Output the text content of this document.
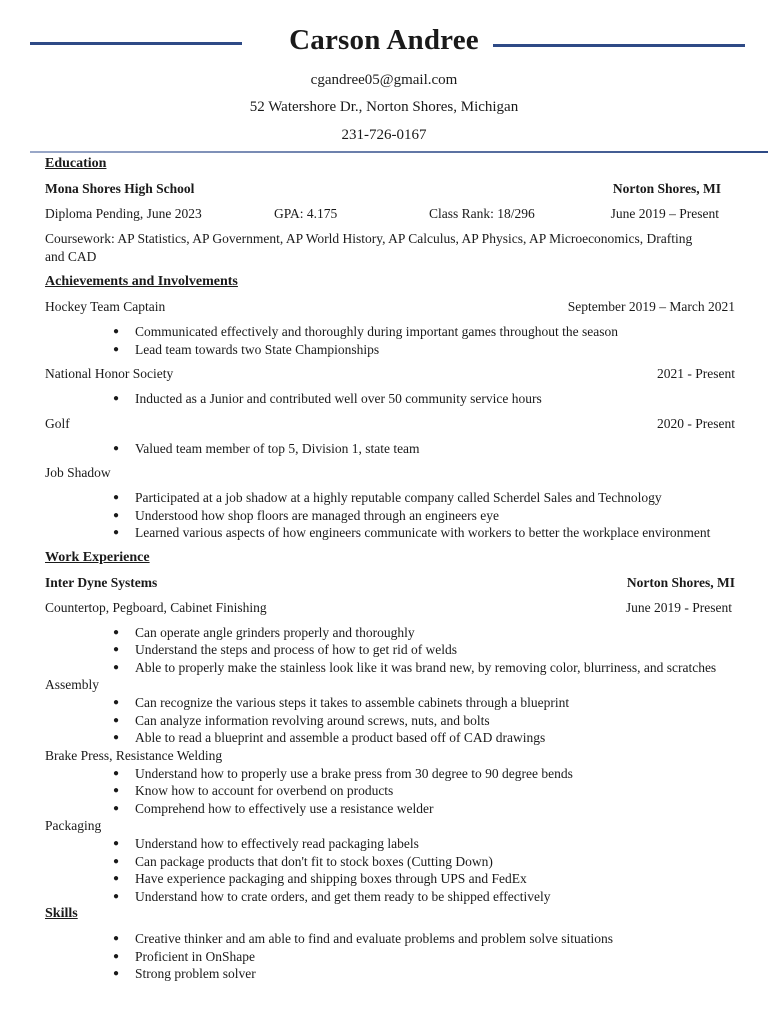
Carson Andree
cgandree05@gmail.com
52 Watershore Dr., Norton Shores, Michigan
231-726-0167
Education
Mona Shores High School	Norton Shores, MI
Diploma Pending, June 2023	GPA: 4.175	Class Rank: 18/296	June 2019 – Present
Coursework: AP Statistics, AP Government, AP World History, AP Calculus, AP Physics, AP Microeconomics, Drafting
and CAD
Achievements and Involvements
Hockey Team Captain	September 2019 – March 2021
● Communicated effectively and thoroughly during important games throughout the season
● Lead team towards two State Championships
National Honor Society	2021 - Present
● Inducted as a Junior and contributed well over 50 community service hours
Golf	2020 - Present
● Valued team member of top 5, Division 1, state team
Job Shadow
● Participated at a job shadow at a highly reputable company called Scherdel Sales and Technology
● Understood how shop floors are managed through an engineers eye
● Learned various aspects of how engineers communicate with workers to better the workplace environment
Work Experience
Inter Dyne Systems	Norton Shores, MI
Countertop, Pegboard, Cabinet Finishing	June 2019 - Present
● Can operate angle grinders properly and thoroughly
● Understand the steps and process of how to get rid of welds
● Able to properly make the stainless look like it was brand new, by removing color, blurriness, and scratches
Assembly
● Can recognize the various steps it takes to assemble cabinets through a blueprint
● Can analyze information revolving around screws, nuts, and bolts
● Able to read a blueprint and assemble a product based off of CAD drawings
Brake Press, Resistance Welding
● Understand how to properly use a brake press from 30 degree to 90 degree bends
● Know how to account for overbend on products
● Comprehend how to effectively use a resistance welder
Packaging
● Understand how to effectively read packaging labels
● Can package products that don't fit to stock boxes (Cutting Down)
● Have experience packaging and shipping boxes through UPS and FedEx
● Understand how to crate orders, and get them ready to be shipped effectively
Skills
● Creative thinker and am able to find and evaluate problems and problem solve situations
● Proficient in OnShape
● Strong problem solver
